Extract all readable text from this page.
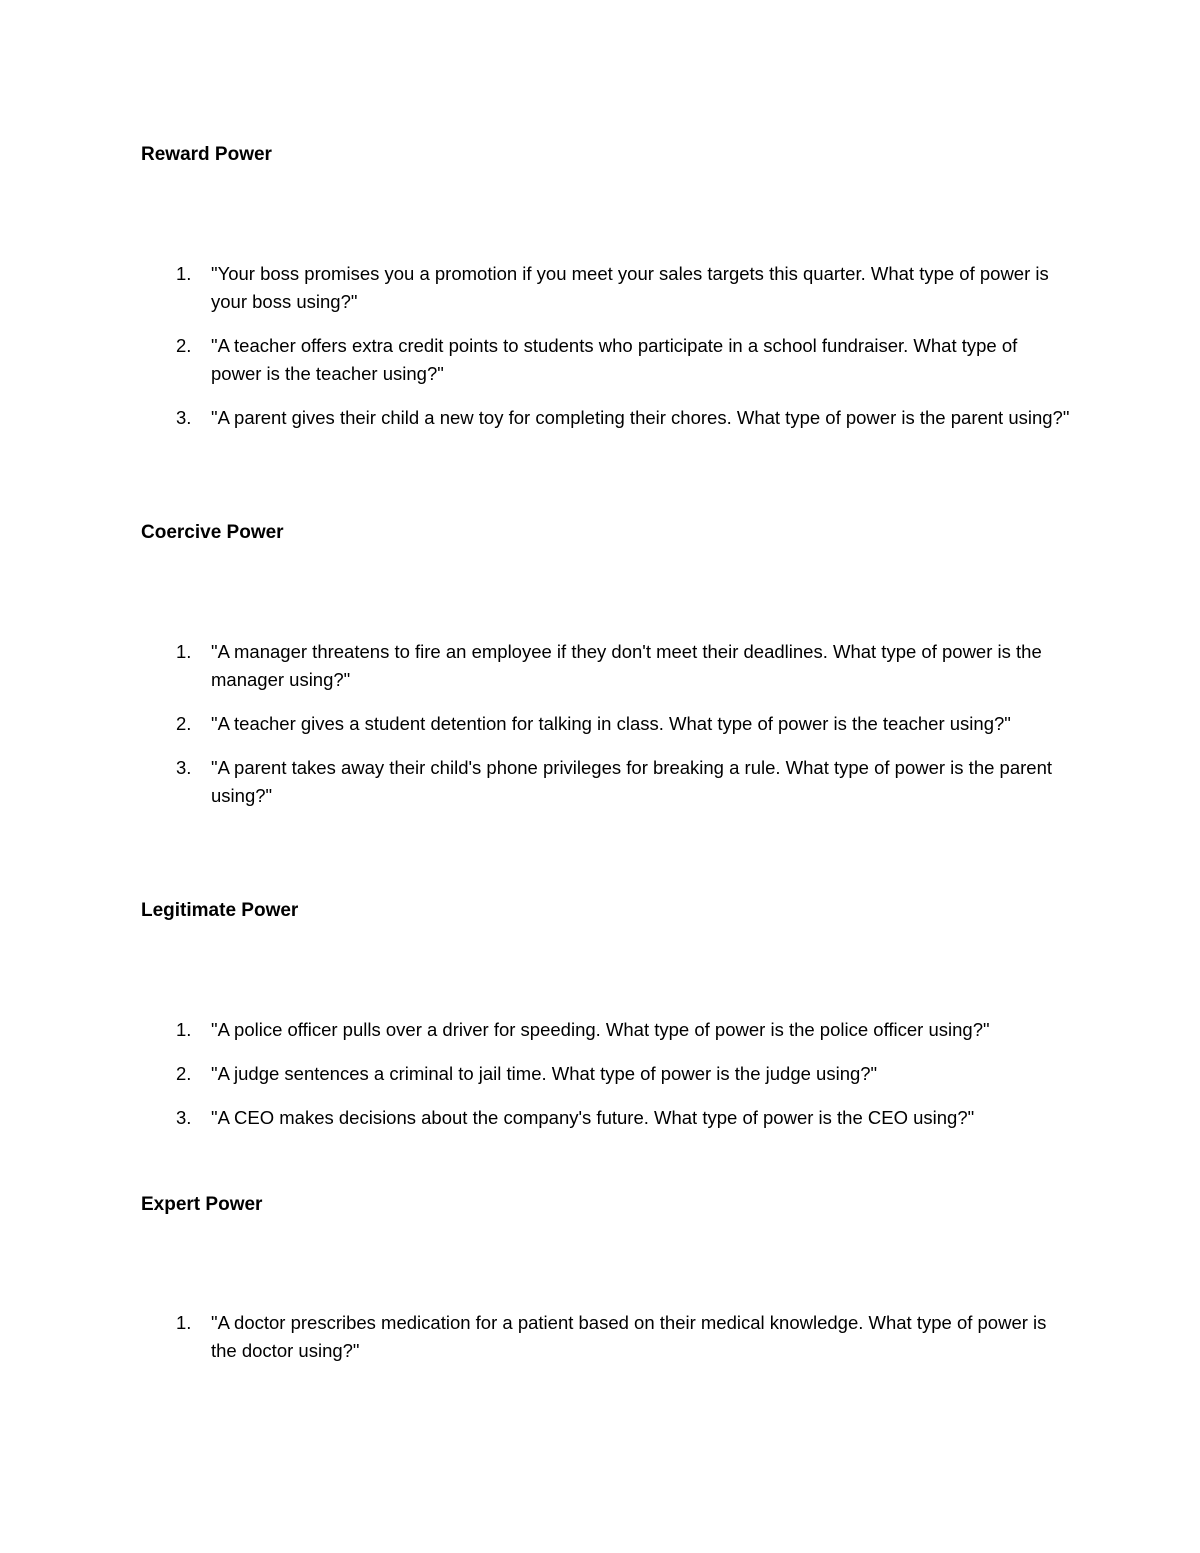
Reward Power
1. "Your boss promises you a promotion if you meet your sales targets this quarter. What type of power is your boss using?"
2. "A teacher offers extra credit points to students who participate in a school fundraiser. What type of power is the teacher using?"
3. "A parent gives their child a new toy for completing their chores. What type of power is the parent using?"
Coercive Power
1. "A manager threatens to fire an employee if they don't meet their deadlines. What type of power is the manager using?"
2. "A teacher gives a student detention for talking in class. What type of power is the teacher using?"
3. "A parent takes away their child's phone privileges for breaking a rule. What type of power is the parent using?"
Legitimate Power
1. "A police officer pulls over a driver for speeding. What type of power is the police officer using?"
2. "A judge sentences a criminal to jail time. What type of power is the judge using?"
3. "A CEO makes decisions about the company's future. What type of power is the CEO using?"
Expert Power
1. "A doctor prescribes medication for a patient based on their medical knowledge. What type of power is the doctor using?"
